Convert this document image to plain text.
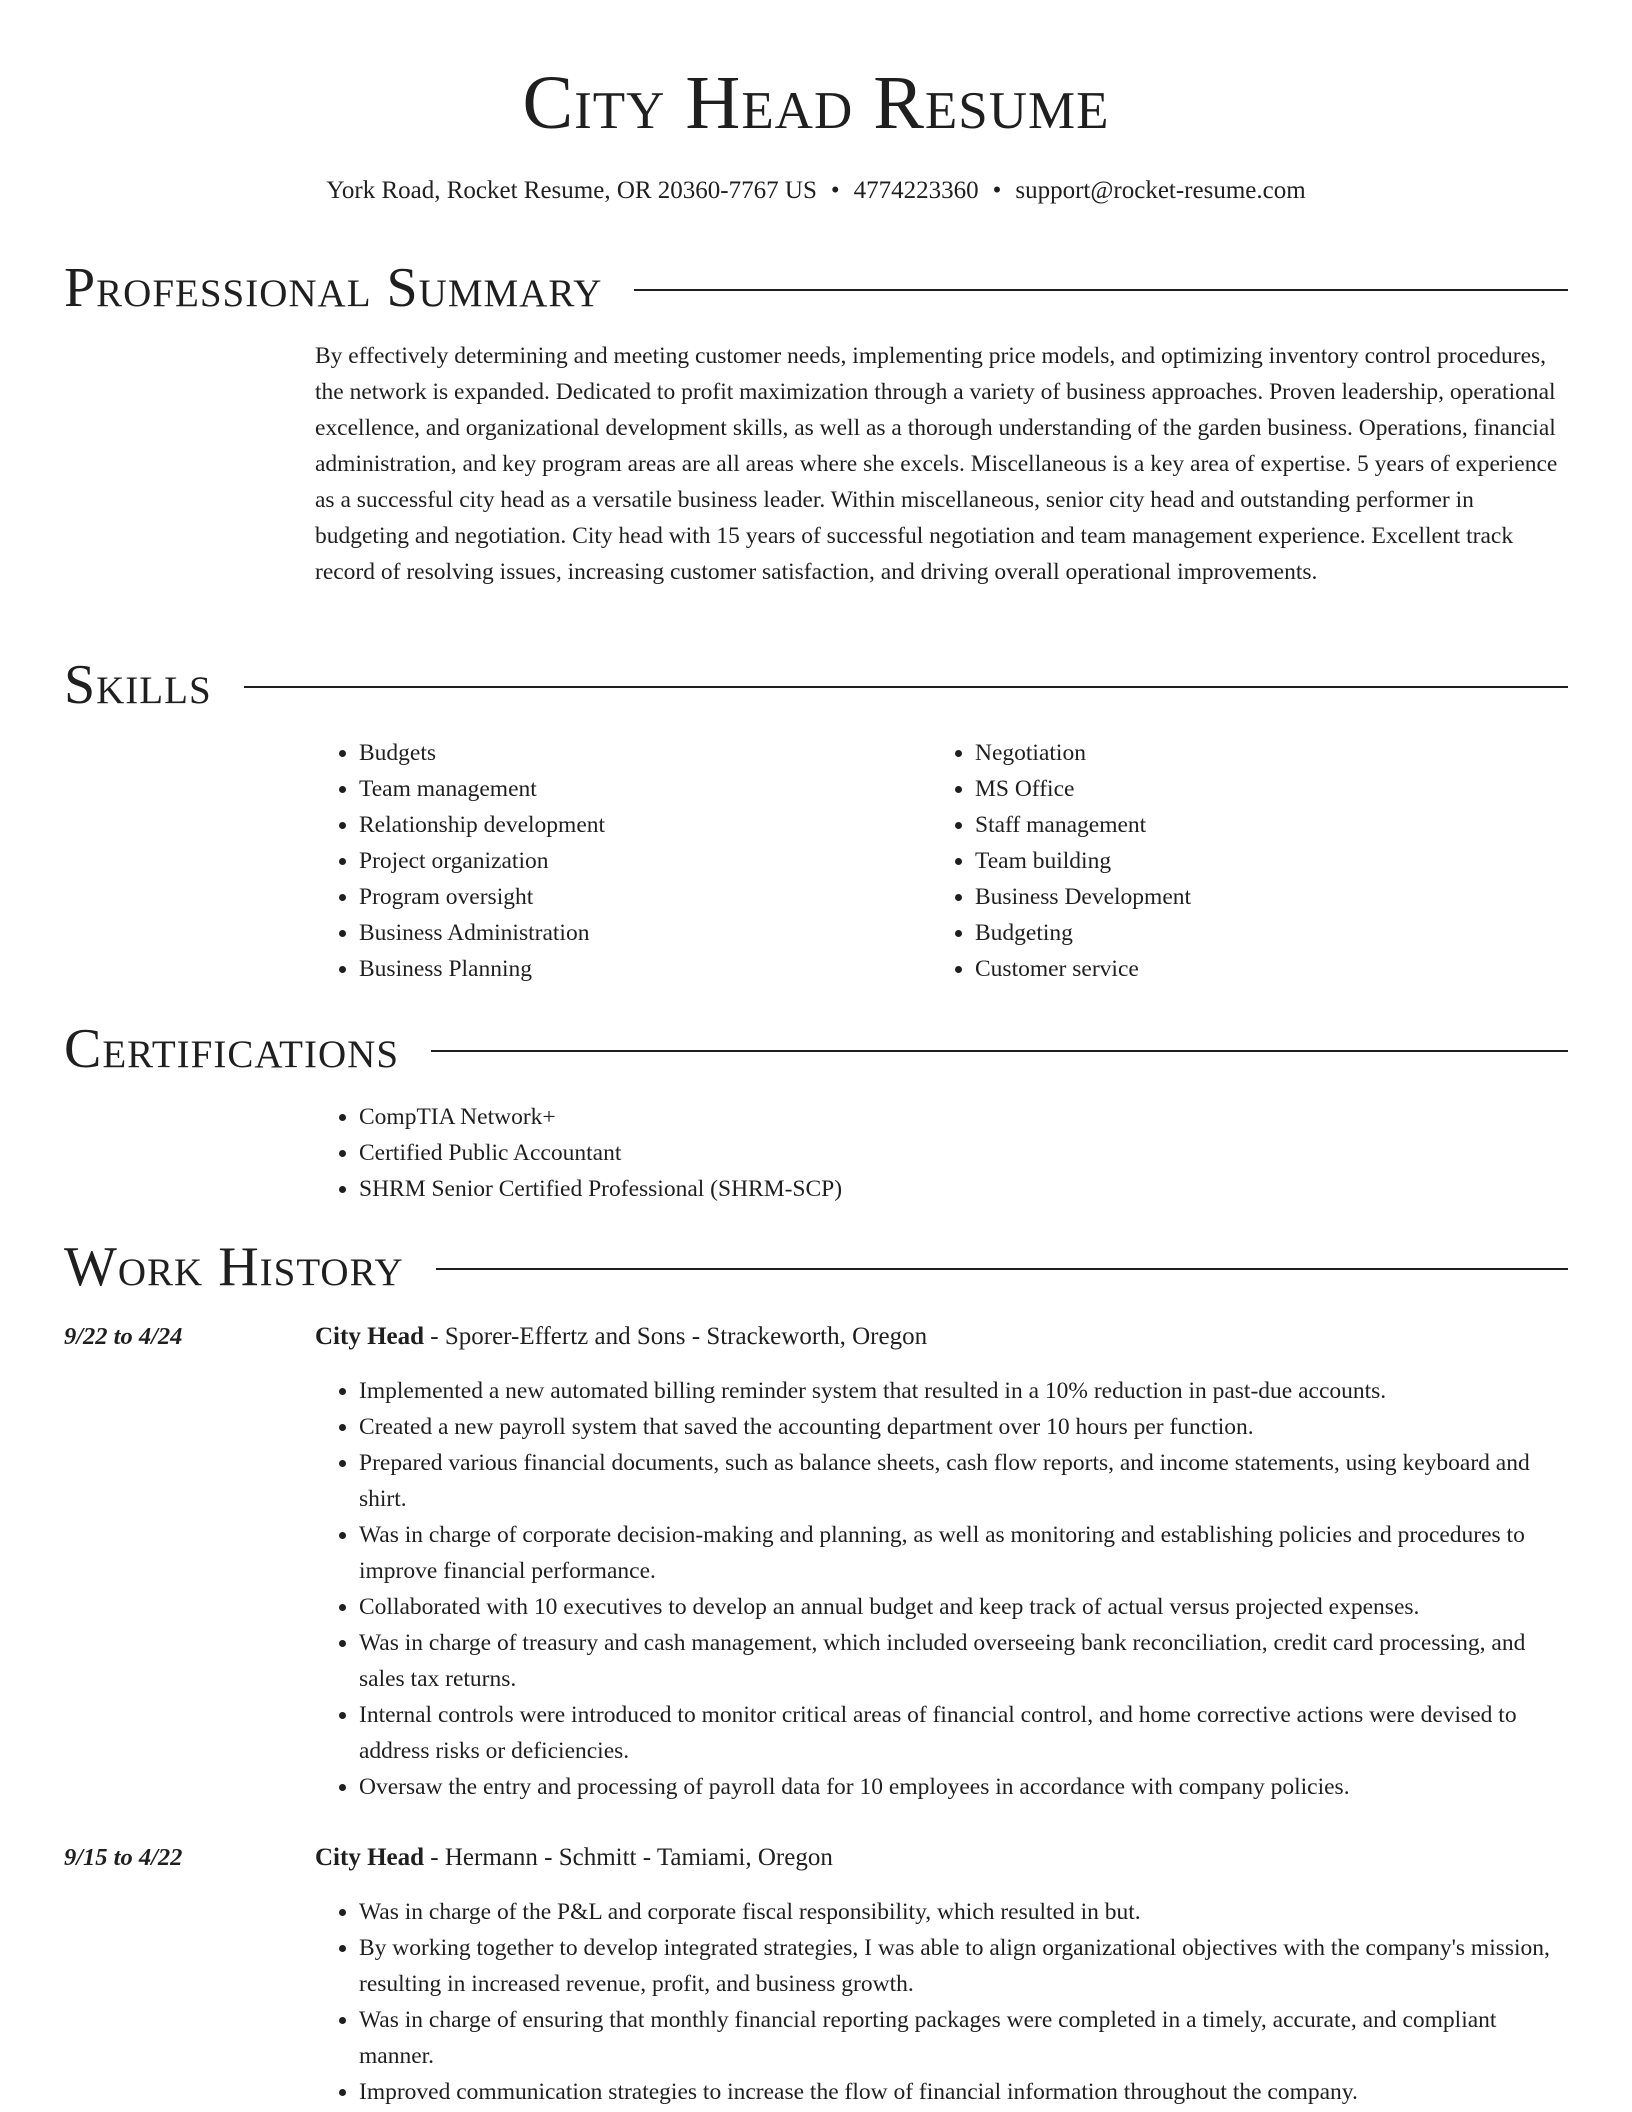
City Head Resume
York Road, Rocket Resume, OR 20360-7767 US • 4774223360 • support@rocket-resume.com
Professional Summary

By effectively determining and meeting customer needs, implementing price models, and optimizing inventory control procedures, the network is expanded. Dedicated to profit maximization through a variety of business approaches. Proven leadership, operational excellence, and organizational development skills, as well as a thorough understanding of the garden business. Operations, financial administration, and key program areas are all areas where she excels. Miscellaneous is a key area of expertise. 5 years of experience as a successful city head as a versatile business leader. Within miscellaneous, senior city head and outstanding performer in budgeting and negotiation. City head with 15 years of successful negotiation and team management experience. Excellent track record of resolving issues, increasing customer satisfaction, and driving overall operational improvements.

Skills
• Budgets
• Team management
• Relationship development
• Project organization
• Program oversight
• Business Administration
• Business Planning
• Negotiation
• MS Office
• Staff management
• Team building
• Business Development
• Budgeting
• Customer service
Certifications
• CompTIA Network+
• Certified Public Accountant
• SHRM Senior Certified Professional (SHRM-SCP)
Work History
9/22 to 4/24	City Head - Sporer-Effertz and Sons - Strackeworth, Oregon
• Implemented a new automated billing reminder system that resulted in a 10% reduction in past-due accounts.
• Created a new payroll system that saved the accounting department over 10 hours per function.
• Prepared various financial documents, such as balance sheets, cash flow reports, and income statements, using keyboard and shirt.
• Was in charge of corporate decision-making and planning, as well as monitoring and establishing policies and procedures to improve financial performance.
• Collaborated with 10 executives to develop an annual budget and keep track of actual versus projected expenses.
• Was in charge of treasury and cash management, which included overseeing bank reconciliation, credit card processing, and sales tax returns.
• Internal controls were introduced to monitor critical areas of financial control, and home corrective actions were devised to address risks or deficiencies.
• Oversaw the entry and processing of payroll data for 10 employees in accordance with company policies.
9/15 to 4/22	City Head - Hermann - Schmitt - Tamiami, Oregon
• Was in charge of the P&L and corporate fiscal responsibility, which resulted in but.
• By working together to develop integrated strategies, I was able to align organizational objectives with the company's mission, resulting in increased revenue, profit, and business growth.
• Was in charge of ensuring that monthly financial reporting packages were completed in a timely, accurate, and compliant manner.
• Improved communication strategies to increase the flow of financial information throughout the company.
